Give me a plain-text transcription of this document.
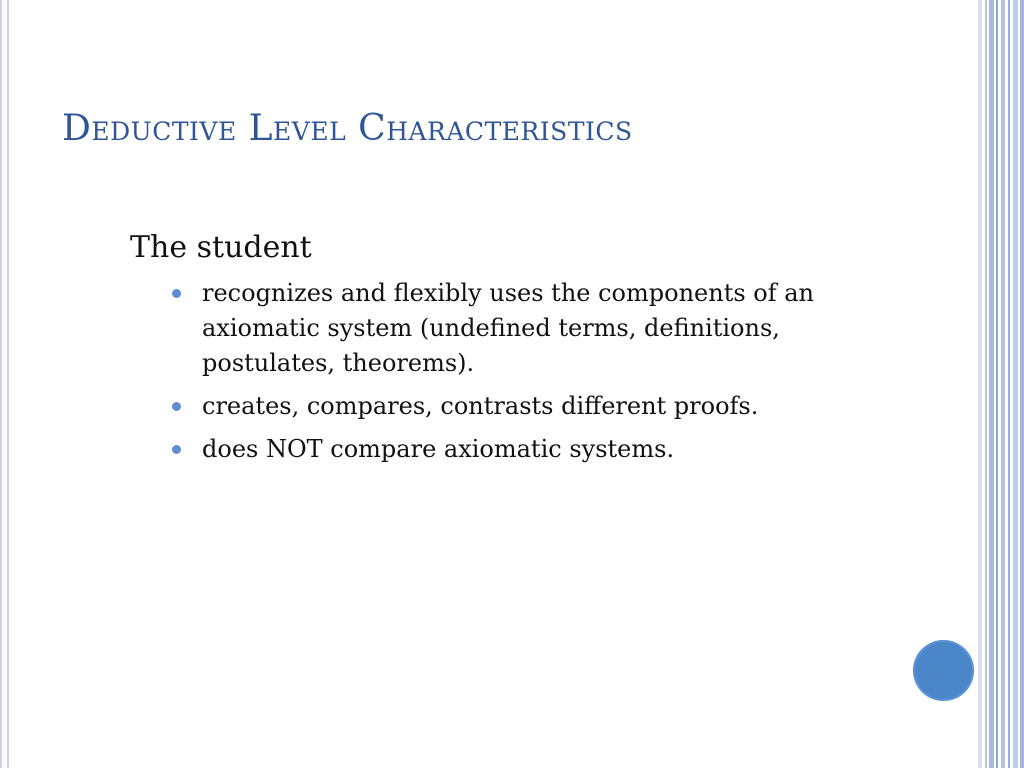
Deductive Level Characteristics

The student

recognizes and flexibly uses the components of an axiomatic system (undefined terms, definitions, postulates, theorems).
creates, compares, contrasts different proofs.
does NOT compare axiomatic systems.
